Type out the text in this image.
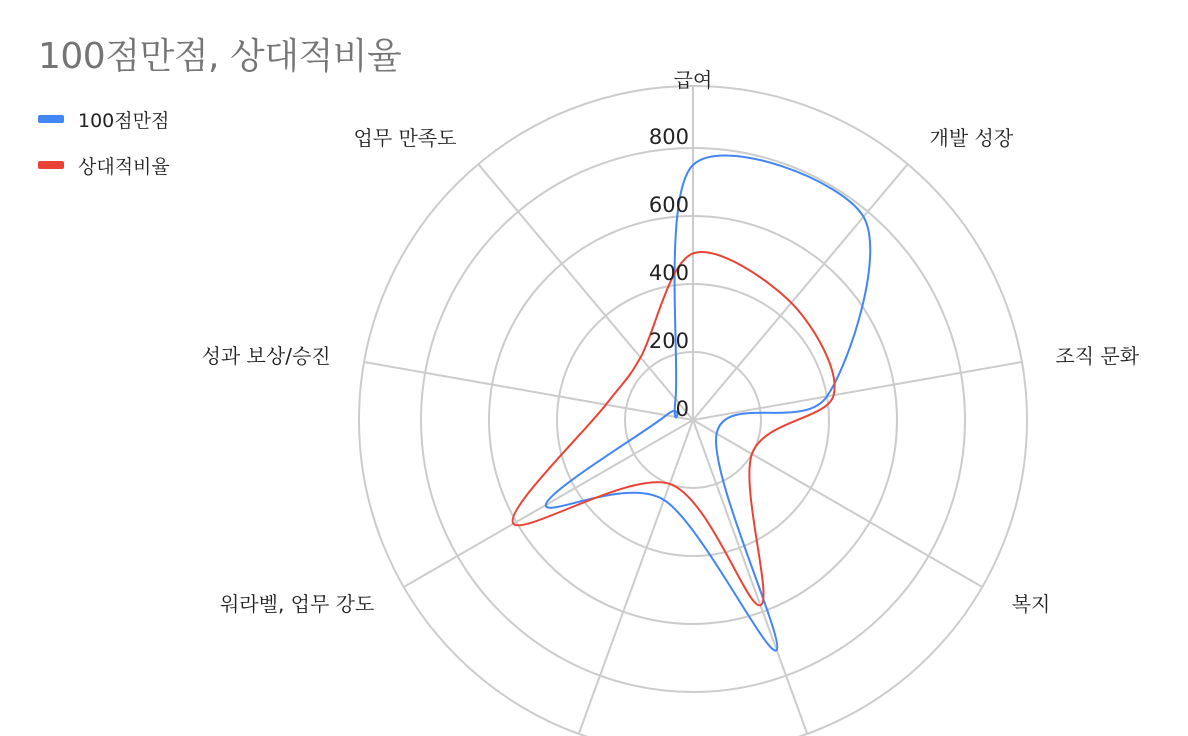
100점만점, 상대적비율
100점만점
상대적비율
급여
개발 성장
조직 문화
복지
워라벨, 업무 강도
성과 보상/승진
업무 만족도
0
200
400
600
800
